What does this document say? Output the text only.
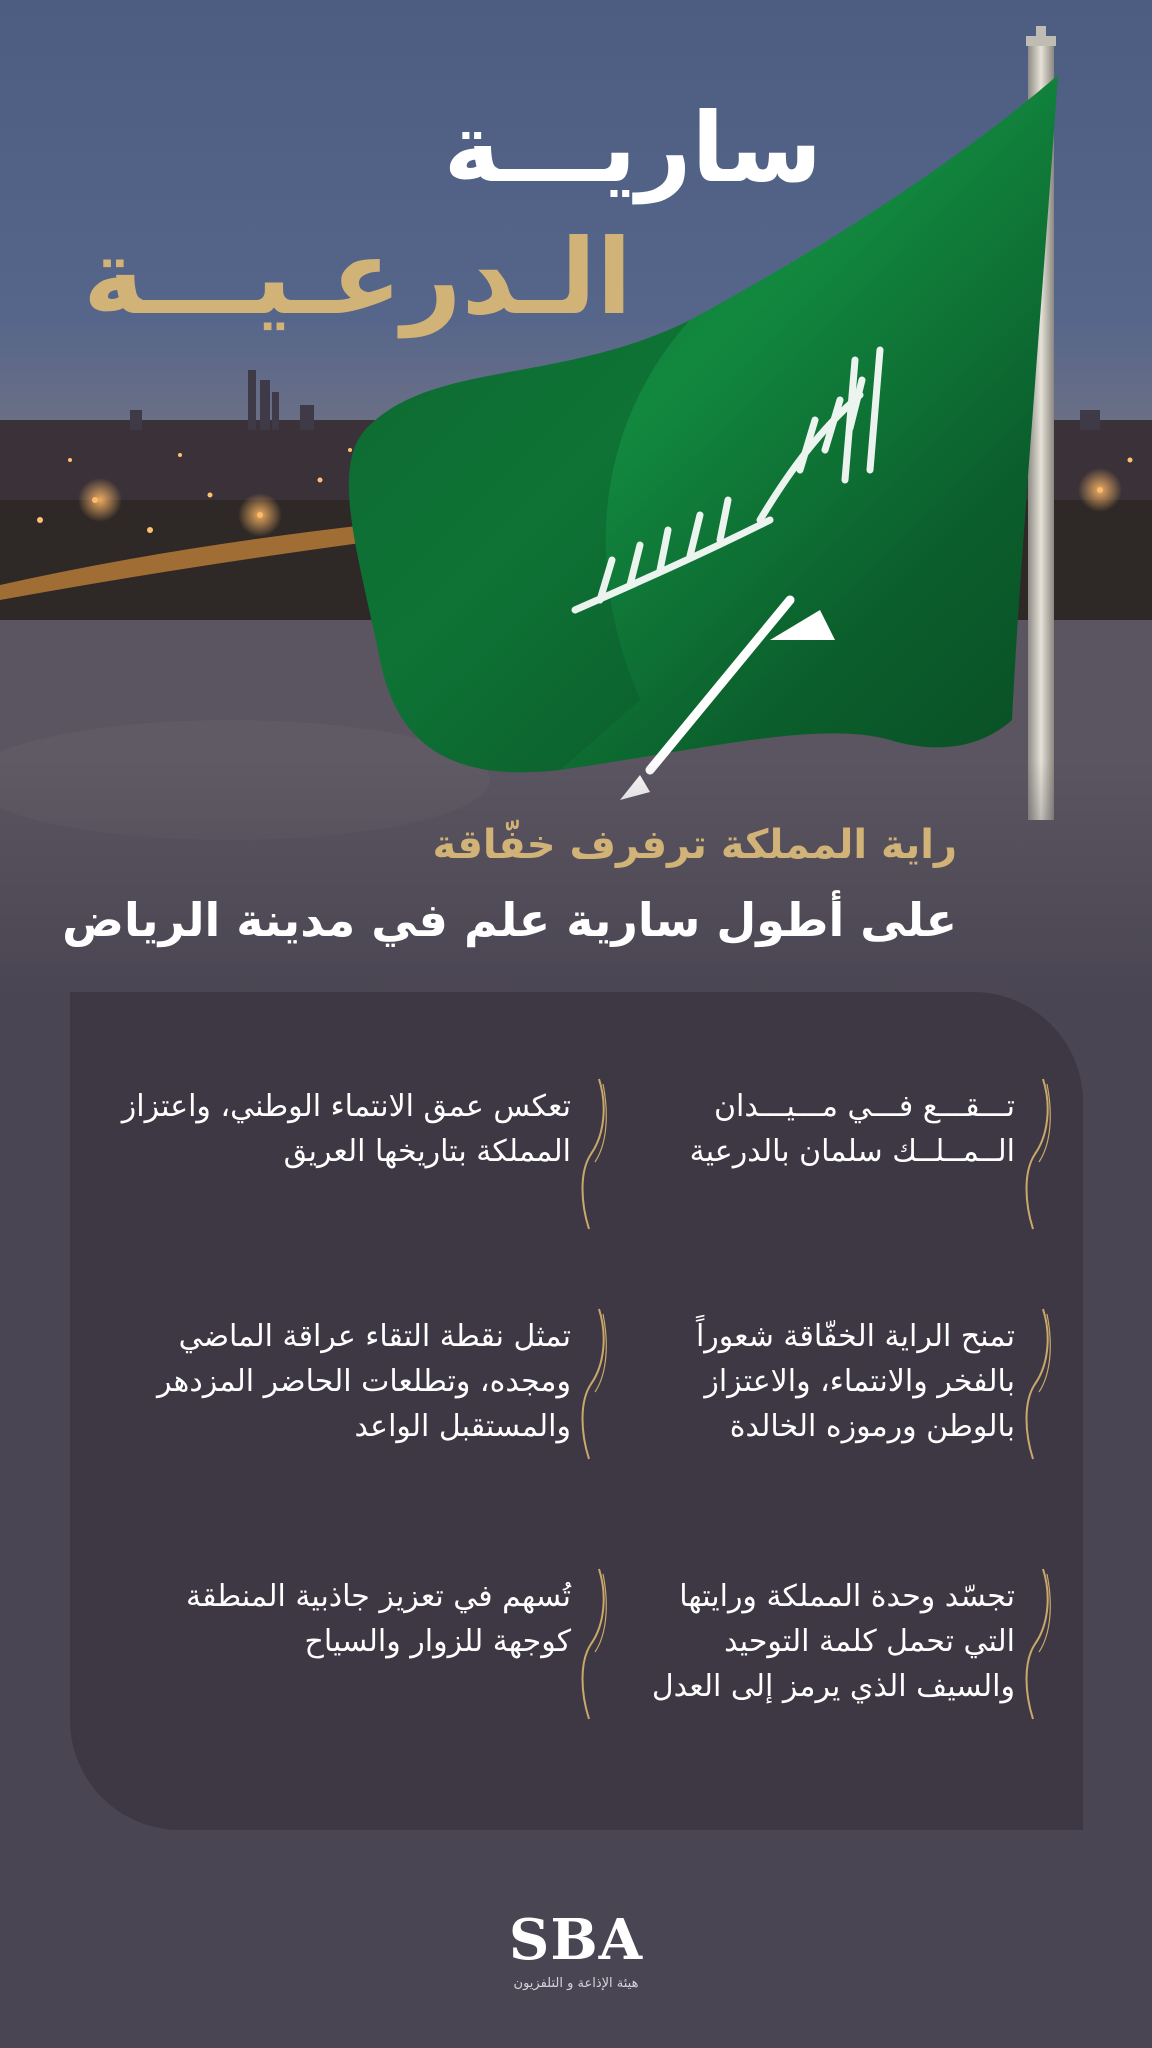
ساريـــة
الـدرعـيـــة
راية المملكة ترفرف خفّاقة
على أطول سارية علم في مدينة الرياض
تـــقـــع فـــي مـــيـــدان الــمــلــك سلمان بالدرعية
تعكس عمق الانتماء الوطني، واعتزاز المملكة بتاريخها العريق
تمنح الراية الخفّاقة شعوراً بالفخر والانتماء، والاعتزاز بالوطن ورموزه الخالدة
تمثل نقطة التقاء عراقة الماضي ومجده، وتطلعات الحاضر المزدهر والمستقبل الواعد
تجسّد وحدة المملكة ورايتها التي تحمل كلمة التوحيد والسيف الذي يرمز إلى العدل
تُسهم في تعزيز جاذبية المنطقة كوجهة للزوار والسياح
SBA
هيئة الإذاعة و التلفزيون
